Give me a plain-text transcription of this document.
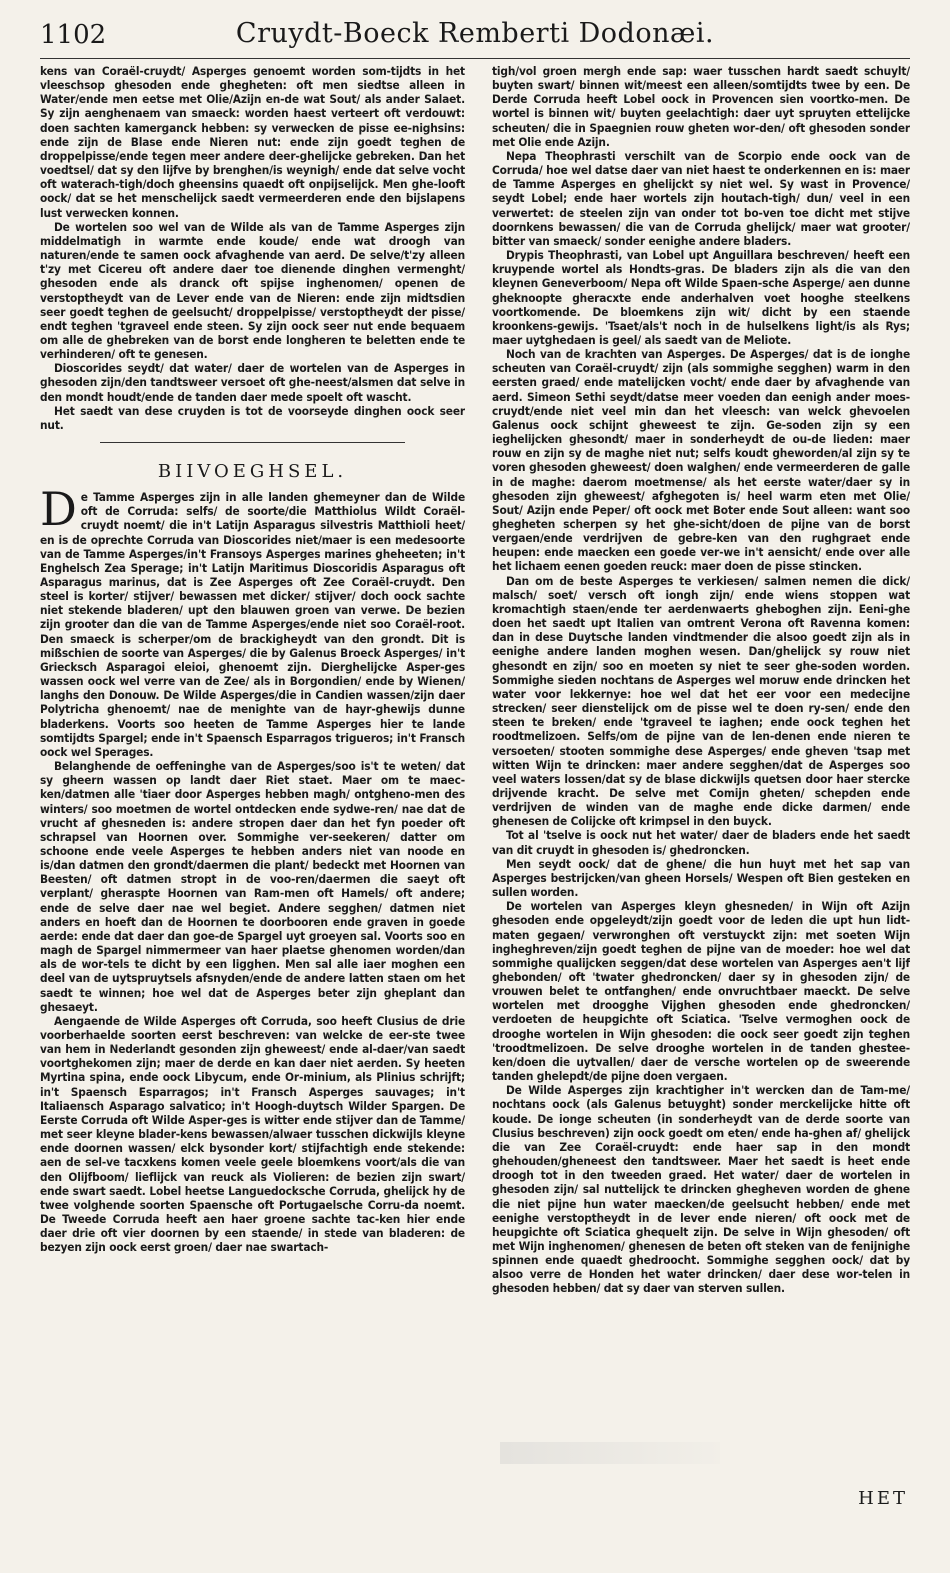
1102	Cruydt-Boeck Remberti Dodonæi.

kens van Coraël-cruydt/ Asperges genoemt worden som-tijdts in het vleeschsop ghesoden ende ghegheten: oft men siedtse alleen in Water/ende men eetse met Olie/Azijn en-de wat Sout/ als ander Salaet. Sy zijn aenghenaem van smaeck: worden haest verteert oft verdouwt: doen sachten kamerganck hebben: sy verwecken de pisse ee-nighsins: ende zijn de Blase ende Nieren nut: ende zijn goedt teghen de droppelpisse/ende tegen meer andere deer-ghelijcke gebreken. Dan het voedtsel/ dat sy den lijfve by brenghen/is weynigh/ ende dat selve vocht oft waterach-tigh/doch gheensins quaedt oft onpijselijck. Men ghe-looft oock/ dat se het menschelijck saedt vermeerderen ende den bijslapens lust verwecken konnen.

De wortelen soo wel van de Wilde als van de Tamme Asperges zijn middelmatigh in warmte ende koude/ ende wat droogh van naturen/ende te samen oock afvaghende van aerd. De selve/t'zy alleen t'zy met Cicereu oft andere daer toe dienende dinghen vermenght/ ghesoden ende als dranck oft spijse inghenomen/ openen de verstoptheydt van de Lever ende van de Nieren: ende zijn midtsdien seer goedt teghen de geelsucht/ droppelpisse/ verstoptheydt der pisse/ endt teghen 'tgraveel ende steen. Sy zijn oock seer nut ende bequaem om alle de ghebreken van de borst ende longheren te beletten ende te verhinderen/ oft te genesen.

Dioscorides seydt/ dat water/ daer de wortelen van de Asperges in ghesoden zijn/den tandtsweer versoet oft ghe-neest/alsmen dat selve in den mondt houdt/ende de tanden daer mede spoelt oft wascht.

Het saedt van dese cruyden is tot de voorseyde dinghen oock seer nut.

BIIVOEGHSEL.

De Tamme Asperges zijn in alle landen ghemeyner dan de Wilde oft de Corruda: selfs/ de soorte/die Matthiolus Wildt Coraël-cruydt noemt/ die in't Latijn Asparagus silvestris Matthioli heet/ en is de oprechte Corruda van Dioscorides niet/maer is een medesoorte van de Tamme Asperges/in't Fransoys Asperges marines gheheeten; in't Enghelsch Zea Sperage; in't Latijn Maritimus Dioscoridis Asparagus oft Asparagus marinus, dat is Zee Asperges oft Zee Coraël-cruydt. Den steel is korter/ stijver/ bewassen met dicker/ stijver/ doch oock sachte niet stekende bladeren/ upt den blauwen groen van verwe. De bezien zijn grooter dan die van de Tamme Asperges/ende niet soo Coraël-root. Den smaeck is scherper/om de brackigheydt van den grondt. Dit is mißschien de soorte van Asperges/ die by Galenus Broeck Asperges/ in't Griecksch Asparagoi eleioi, ghenoemt zijn. Dierghelijcke Asper-ges wassen oock wel verre van de Zee/ als in Borgondien/ ende by Wienen/ langhs den Donouw. De Wilde Asperges/die in Candien wassen/zijn daer Polytricha ghenoemt/ nae de menighte van de hayr-ghewijs dunne bladerkens. Voorts soo heeten de Tamme Asperges hier te lande somtijdts Spargel; ende in't Spaensch Esparragos trigueros; in't Fransch oock wel Sperages.

Belanghende de oeffeninghe van de Asperges/soo is't te weten/ dat sy gheern wassen op landt daer Riet staet. Maer om te maec-ken/datmen alle 'tiaer door Asperges hebben magh/ ontgheno-men des winters/ soo moetmen de wortel ontdecken ende sydwe-ren/ nae dat de vrucht af ghesneden is: andere stropen daer dan het fyn poeder oft schrapsel van Hoornen over. Sommighe ver-seekeren/ datter om schoone ende veele Asperges te hebben anders niet van noode en is/dan datmen den grondt/daermen die plant/ bedeckt met Hoornen van Beesten/ oft datmen stropt in de voo-ren/daermen die saeyt oft verplant/ gheraspte Hoornen van Ram-men oft Hamels/ oft andere; ende de selve daer nae wel begiet. Andere segghen/ datmen niet anders en hoeft dan de Hoornen te doorbooren ende graven in goede aerde: ende dat daer dan goe-de Spargel uyt groeyen sal. Voorts soo en magh de Spargel nimmermeer van haer plaetse ghenomen worden/dan als de wor-tels te dicht by een ligghen. Men sal alle iaer moghen een deel van de uytspruytsels afsnyden/ende de andere latten staen om het saedt te winnen; hoe wel dat de Asperges beter zijn gheplant dan ghesaeyt.

Aengaende de Wilde Asperges oft Corruda, soo heeft Clusius de drie voorberhaelde soorten eerst beschreven: van welcke de eer-ste twee van hem in Nederlandt gesonden zijn gheweest/ ende al-daer/van saedt voortghekomen zijn; maer de derde en kan daer niet aerden. Sy heeten Myrtina spina, ende oock Libycum, ende Or-minium, als Plinius schrijft; in't Spaensch Esparragos; in't Fransch Asperges sauvages; in't Italiaensch Asparago salvatico; in't Hoogh-duytsch Wilder Spargen. De Eerste Corruda oft Wilde Asper-ges is witter ende stijver dan de Tamme/ met seer kleyne blader-kens bewassen/alwaer tusschen dickwijls kleyne ende doornen wassen/ elck bysonder kort/ stijfachtigh ende stekende: aen de sel-ve tacxkens komen veele geele bloemkens voort/als die van den Olijfboom/ lieflijck van reuck als Violieren: de bezien zijn swart/ ende swart saedt. Lobel heetse Languedocksche Corruda, ghelijck hy de twee volghende soorten Spaensche oft Portugaelsche Corru-da noemt. De Tweede Corruda heeft aen haer groene sachte tac-ken hier ende daer drie oft vier doornen by een staende/ in stede van bladeren: de bezyen zijn oock eerst groen/ daer nae swartach-

tigh/vol groen mergh ende sap: waer tusschen hardt saedt schuylt/ buyten swart/ binnen wit/meest een alleen/somtijdts twee by een. De Derde Corruda heeft Lobel oock in Provencen sien voortko-men. De wortel is binnen wit/ buyten geelachtigh: daer uyt spruyten ettelijcke scheuten/ die in Spaegnien rouw gheten wor-den/ oft ghesoden sonder met Olie ende Azijn.

Nepa Theophrasti verschilt van de Scorpio ende oock van de Corruda/ hoe wel datse daer van niet haest te onderkennen en is: maer de Tamme Asperges en ghelijckt sy niet wel. Sy wast in Provence/ seydt Lobel; ende haer wortels zijn houtach-tigh/ dun/ veel in een verwertet: de steelen zijn van onder tot bo-ven toe dicht met stijve doornkens bewassen/ die van de Corruda ghelijck/ maer wat grooter/ bitter van smaeck/ sonder eenighe andere bladers.

Drypis Theophrasti, van Lobel upt Anguillara beschreven/ heeft een kruypende wortel als Hondts-gras. De bladers zijn als die van den kleynen Geneverboom/ Nepa oft Wilde Spaen-sche Asperge/ aen dunne gheknoopte gheracxte ende anderhalven voet hooghe steelkens voortkomende. De bloemkens zijn wit/ dicht by een staende kroonkens-gewijs. 'Tsaet/als't noch in de hulselkens light/is als Rys; maer uytghedaen is geel/ als saedt van de Meliote.

Noch van de krachten van Asperges. De Asperges/ dat is de ionghe scheuten van Coraël-cruydt/ zijn (als sommighe segghen) warm in den eersten graed/ ende matelijcken vocht/ ende daer by afvaghende van aerd. Simeon Sethi seydt/datse meer voeden dan eenigh ander moes-cruydt/ende niet veel min dan het vleesch: van welck ghevoelen Galenus oock schijnt gheweest te zijn. Ge-soden zijn sy een ieghelijcken ghesondt/ maer in sonderheydt de ou-de lieden: maer rouw en zijn sy de maghe niet nut; selfs koudt gheworden/al zijn sy te voren ghesoden gheweest/ doen walghen/ ende vermeerderen de galle in de maghe: daerom moetmense/ als het eerste water/daer sy in ghesoden zijn gheweest/ afghegoten is/ heel warm eten met Olie/ Sout/ Azijn ende Peper/ oft oock met Boter ende Sout alleen: want soo ghegheten scherpen sy het ghe-sicht/doen de pijne van de borst vergaen/ende verdrijven de gebre-ken van den rughgraet ende heupen: ende maecken een goede ver-we in't aensicht/ ende over alle het lichaem eenen goeden reuck: maer doen de pisse stincken.

Dan om de beste Asperges te verkiesen/ salmen nemen die dick/ malsch/ soet/ versch oft iongh zijn/ ende wiens stoppen wat kromachtigh staen/ende ter aerdenwaerts gheboghen zijn. Eeni-ghe doen het saedt upt Italien van omtrent Verona oft Ravenna komen: dan in dese Duytsche landen vindtmender die alsoo goedt zijn als in eenighe andere landen moghen wesen. Dan/ghelijck sy rouw niet ghesondt en zijn/ soo en moeten sy niet te seer ghe-soden worden. Sommighe sieden nochtans de Asperges wel moruw ende drincken het water voor lekkernye: hoe wel dat het eer voor een medecijne strecken/ seer dienstelijck om de pisse wel te doen ry-sen/ ende den steen te breken/ ende 'tgraveel te iaghen; ende oock teghen het roodtmelizoen. Selfs/om de pijne van de len-denen ende nieren te versoeten/ stooten sommighe dese Asperges/ ende gheven 'tsap met witten Wijn te drincken: maer andere segghen/dat de Asperges soo veel waters lossen/dat sy de blase dickwijls quetsen door haer stercke drijvende kracht. De selve met Comijn gheten/ schepden ende verdrijven de winden van de maghe ende dicke darmen/ ende ghenesen de Colijcke oft krimpsel in den buyck.

Tot al 'tselve is oock nut het water/ daer de bladers ende het saedt van dit cruydt in ghesoden is/ ghedroncken.

Men seydt oock/ dat de ghene/ die hun huyt met het sap van Asperges bestrijcken/van gheen Horsels/ Wespen oft Bien gesteken en sullen worden.

De wortelen van Asperges kleyn ghesneden/ in Wijn oft Azijn ghesoden ende opgeleydt/zijn goedt voor de leden die upt hun lidt-maten gegaen/ verwronghen oft verstuyckt zijn: met soeten Wijn ingheghreven/zijn goedt teghen de pijne van de moeder: hoe wel dat sommighe qualijcken seggen/dat dese wortelen van Asperges aen't lijf ghebonden/ oft 'twater ghedroncken/ daer sy in ghesoden zijn/ de vrouwen belet te ontfanghen/ ende onvruchtbaer maeckt. De selve wortelen met droogghe Vijghen ghesoden ende ghedroncken/ verdoeten de heupgichte oft Sciatica. 'Tselve vermoghen oock de drooghe wortelen in Wijn ghesoden: die oock seer goedt zijn teghen 'troodtmelizoen. De selve drooghe wortelen in de tanden ghestee-ken/doen die uytvallen/ daer de versche wortelen op de sweerende tanden ghelepdt/de pijne doen vergaen.

De Wilde Asperges zijn krachtigher in't wercken dan de Tam-me/ nochtans oock (als Galenus betuyght) sonder merckelijcke hitte oft koude. De ionge scheuten (in sonderheydt van de derde soorte van Clusius beschreven) zijn oock goedt om eten/ ende ha-ghen af/ ghelijck die van Zee Coraël-cruydt: ende haer sap in den mondt ghehouden/gheneest den tandtsweer. Maer het saedt is heet ende droogh tot in den tweeden graed. Het water/ daer de wortelen in ghesoden zijn/ sal nuttelijck te drincken ghegheven worden de ghene die niet pijne hun water maecken/de geelsucht hebben/ ende met eenighe verstoptheydt in de lever ende nieren/ oft oock met de heupgichte oft Sciatica ghequelt zijn. De selve in Wijn ghesoden/ oft met Wijn inghenomen/ ghenesen de beten oft steken van de fenijnighe spinnen ende quaedt ghedroocht. Sommighe segghen oock/ dat by alsoo verre de Honden het water drincken/ daer dese wor-telen in ghesoden hebben/ dat sy daer van sterven sullen.

HET
